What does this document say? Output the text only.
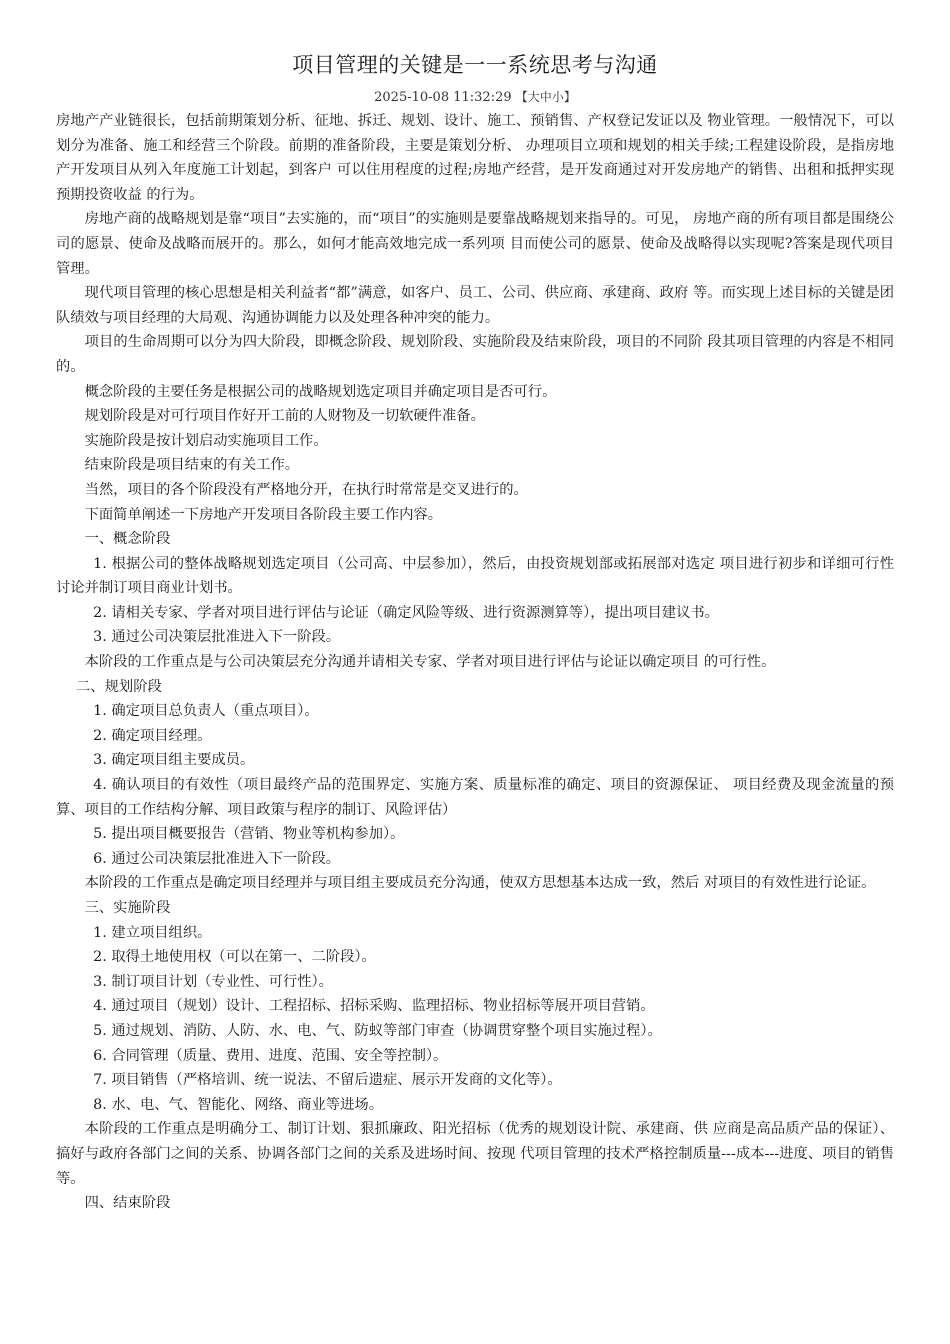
项目管理的关键是一一系统思考与沟通
2025-10-08 11:32:29 【大中小】

房地产产业链很长，包括前期策划分析、征地、拆迁、规划、设计、施工、预销售、产权登记发证以及 物业管理。一般情况下，可以划分为准备、施工和经营三个阶段。前期的准备阶段，主要是策划分析、 办理项目立项和规划的相关手续;工程建设阶段，是指房地产开发项目从列入年度施工计划起，到客户 可以住用程度的过程;房地产经营，是开发商通过对开发房地产的销售、出租和抵押实现预期投资收益 的行为。

房地产商的战略规划是靠“项目”去实施的，而“项目”的实施则是要靠战略规划来指导的。可见， 房地产商的所有项目都是围绕公司的愿景、使命及战略而展开的。那么，如何才能高效地完成一系列项 目而使公司的愿景、使命及战略得以实现呢?答案是现代项目管理。

现代项目管理的核心思想是相关利益者“都”满意，如客户、员工、公司、供应商、承建商、政府 等。而实现上述目标的关键是团队绩效与项目经理的大局观、沟通协调能力以及处理各种冲突的能力。

项目的生命周期可以分为四大阶段，即概念阶段、规划阶段、实施阶段及结束阶段，项目的不同阶 段其项目管理的内容是不相同的。

概念阶段的主要任务是根据公司的战略规划选定项目并确定项目是否可行。

规划阶段是对可行项目作好开工前的人财物及一切软硬件准备。

实施阶段是按计划启动实施项目工作。

结束阶段是项目结束的有关工作。

当然，项目的各个阶段没有严格地分开，在执行时常常是交叉进行的。

下面简单阐述一下房地产开发项目各阶段主要工作内容。

一、概念阶段

1. 根据公司的整体战略规划选定项目（公司高、中层参加），然后，由投资规划部或拓展部对选定 项目进行初步和详细可行性讨论并制订项目商业计划书。

2. 请相关专家、学者对项目进行评估与论证（确定风险等级、进行资源测算等），提出项目建议书。

3. 通过公司决策层批准进入下一阶段。

本阶段的工作重点是与公司决策层充分沟通并请相关专家、学者对项目进行评估与论证以确定项目 的可行性。

二、规划阶段

1. 确定项目总负责人（重点项目）。

2. 确定项目经理。

3. 确定项目组主要成员。

4. 确认项目的有效性（项目最终产品的范围界定、实施方案、质量标准的确定、项目的资源保证、 项目经费及现金流量的预算、项目的工作结构分解、项目政策与程序的制订、风险评估）

5. 提出项目概要报告（营销、物业等机构参加）。

6. 通过公司决策层批准进入下一阶段。

本阶段的工作重点是确定项目经理并与项目组主要成员充分沟通，使双方思想基本达成一致，然后 对项目的有效性进行论证。

三、实施阶段

1. 建立项目组织。

2. 取得土地使用权（可以在第一、二阶段）。

3. 制订项目计划（专业性、可行性）。

4. 通过项目（规划）设计、工程招标、招标采购、监理招标、物业招标等展开项目营销。

5. 通过规划、消防、人防、水、电、气、防蚁等部门审查（协调贯穿整个项目实施过程）。

6. 合同管理（质量、费用、进度、范围、安全等控制）。

7. 项目销售（严格培训、统一说法、不留后遗症、展示开发商的文化等）。

8. 水、电、气、智能化、网络、商业等进场。

本阶段的工作重点是明确分工、制订计划、狠抓廉政、阳光招标（优秀的规划设计院、承建商、供 应商是高品质产品的保证）、搞好与政府各部门之间的关系、协调各部门之间的关系及进场时间、按现 代项目管理的技术严格控制质量---成本---进度、项目的销售等。

四、结束阶段
